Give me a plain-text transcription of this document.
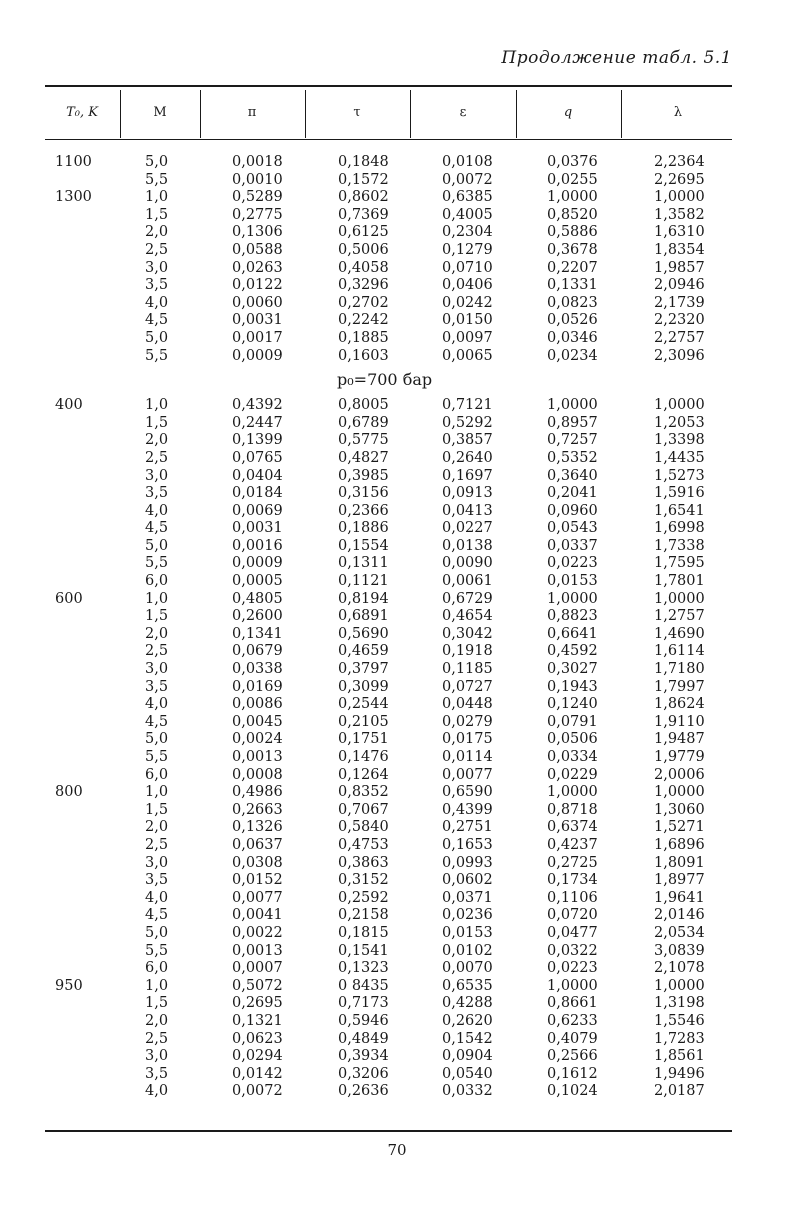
Продолжение табл. 5.1
T₀, K	M	π	τ	ε	q	λ
1100	5,0	0,0018	0,1848	0,0108	0,0376	2,2364
5,5	0,0010	0,1572	0,0072	0,0255	2,2695
1300	1,0	0,5289	0,8602	0,6385	1,0000	1,0000
1,5	0,2775	0,7369	0,4005	0,8520	1,3582
2,0	0,1306	0,6125	0,2304	0,5886	1,6310
2,5	0,0588	0,5006	0,1279	0,3678	1,8354
3,0	0,0263	0,4058	0,0710	0,2207	1,9857
3,5	0,0122	0,3296	0,0406	0,1331	2,0946
4,0	0,0060	0,2702	0,0242	0,0823	2,1739
4,5	0,0031	0,2242	0,0150	0,0526	2,2320
5,0	0,0017	0,1885	0,0097	0,0346	2,2757
5,5	0,0009	0,1603	0,0065	0,0234	2,3096
p₀=700 бар
400	1,0	0,4392	0,8005	0,7121	1,0000	1,0000
1,5	0,2447	0,6789	0,5292	0,8957	1,2053
2,0	0,1399	0,5775	0,3857	0,7257	1,3398
2,5	0,0765	0,4827	0,2640	0,5352	1,4435
3,0	0,0404	0,3985	0,1697	0,3640	1,5273
3,5	0,0184	0,3156	0,0913	0,2041	1,5916
4,0	0,0069	0,2366	0,0413	0,0960	1,6541
4,5	0,0031	0,1886	0,0227	0,0543	1,6998
5,0	0,0016	0,1554	0,0138	0,0337	1,7338
5,5	0,0009	0,1311	0,0090	0,0223	1,7595
6,0	0,0005	0,1121	0,0061	0,0153	1,7801
600	1,0	0,4805	0,8194	0,6729	1,0000	1,0000
1,5	0,2600	0,6891	0,4654	0,8823	1,2757
2,0	0,1341	0,5690	0,3042	0,6641	1,4690
2,5	0,0679	0,4659	0,1918	0,4592	1,6114
3,0	0,0338	0,3797	0,1185	0,3027	1,7180
3,5	0,0169	0,3099	0,0727	0,1943	1,7997
4,0	0,0086	0,2544	0,0448	0,1240	1,8624
4,5	0,0045	0,2105	0,0279	0,0791	1,9110
5,0	0,0024	0,1751	0,0175	0,0506	1,9487
5,5	0,0013	0,1476	0,0114	0,0334	1,9779
6,0	0,0008	0,1264	0,0077	0,0229	2,0006
800	1,0	0,4986	0,8352	0,6590	1,0000	1,0000
1,5	0,2663	0,7067	0,4399	0,8718	1,3060
2,0	0,1326	0,5840	0,2751	0,6374	1,5271
2,5	0,0637	0,4753	0,1653	0,4237	1,6896
3,0	0,0308	0,3863	0,0993	0,2725	1,8091
3,5	0,0152	0,3152	0,0602	0,1734	1,8977
4,0	0,0077	0,2592	0,0371	0,1106	1,9641
4,5	0,0041	0,2158	0,0236	0,0720	2,0146
5,0	0,0022	0,1815	0,0153	0,0477	2,0534
5,5	0,0013	0,1541	0,0102	0,0322	3,0839
6,0	0,0007	0,1323	0,0070	0,0223	2,1078
950	1,0	0,5072	0 8435	0,6535	1,0000	1,0000
1,5	0,2695	0,7173	0,4288	0,8661	1,3198
2,0	0,1321	0,5946	0,2620	0,6233	1,5546
2,5	0,0623	0,4849	0,1542	0,4079	1,7283
3,0	0,0294	0,3934	0,0904	0,2566	1,8561
3,5	0,0142	0,3206	0,0540	0,1612	1,9496
4,0	0,0072	0,2636	0,0332	0,1024	2,0187
70
